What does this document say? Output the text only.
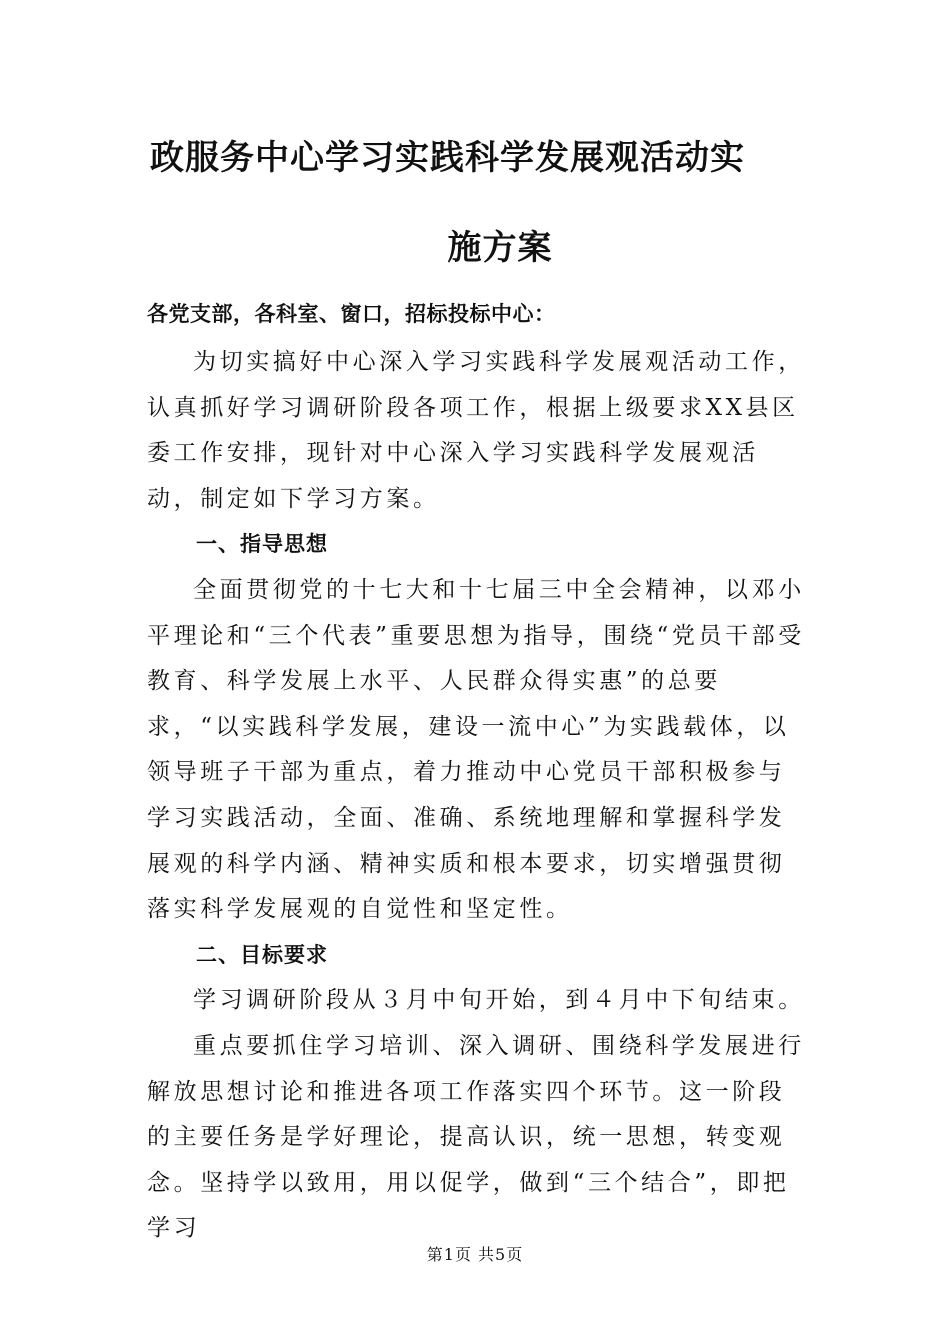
政服务中心学习实践科学发展观活动实
施方案
各党支部，各科室、窗口，招标投标中心：

为切实搞好中心深入学习实践科学发展观活动工作，认真抓好学习调研阶段各项工作，根据上级要求XX县区委工作安排，现针对中心深入学习实践科学发展观活动，制定如下学习方案。

一、指导思想

全面贯彻党的十七大和十七届三中全会精神，以邓小平理论和“三个代表”重要思想为指导，围绕“党员干部受教育、科学发展上水平、人民群众得实惠”的总要求，“以实践科学发展，建设一流中心”为实践载体，以领导班子干部为重点，着力推动中心党员干部积极参与学习实践活动，全面、准确、系统地理解和掌握科学发展观的科学内涵、精神实质和根本要求，切实增强贯彻落实科学发展观的自觉性和坚定性。

二、目标要求

学习调研阶段从３月中旬开始，到４月中下旬结束。

重点要抓住学习培训、深入调研、围绕科学发展进行解放思想讨论和推进各项工作落实四个环节。这一阶段的主要任务是学好理论，提高认识，统一思想，转变观念。坚持学以致用，用以促学，做到“三个结合”，即把学习

第1页 共5页
